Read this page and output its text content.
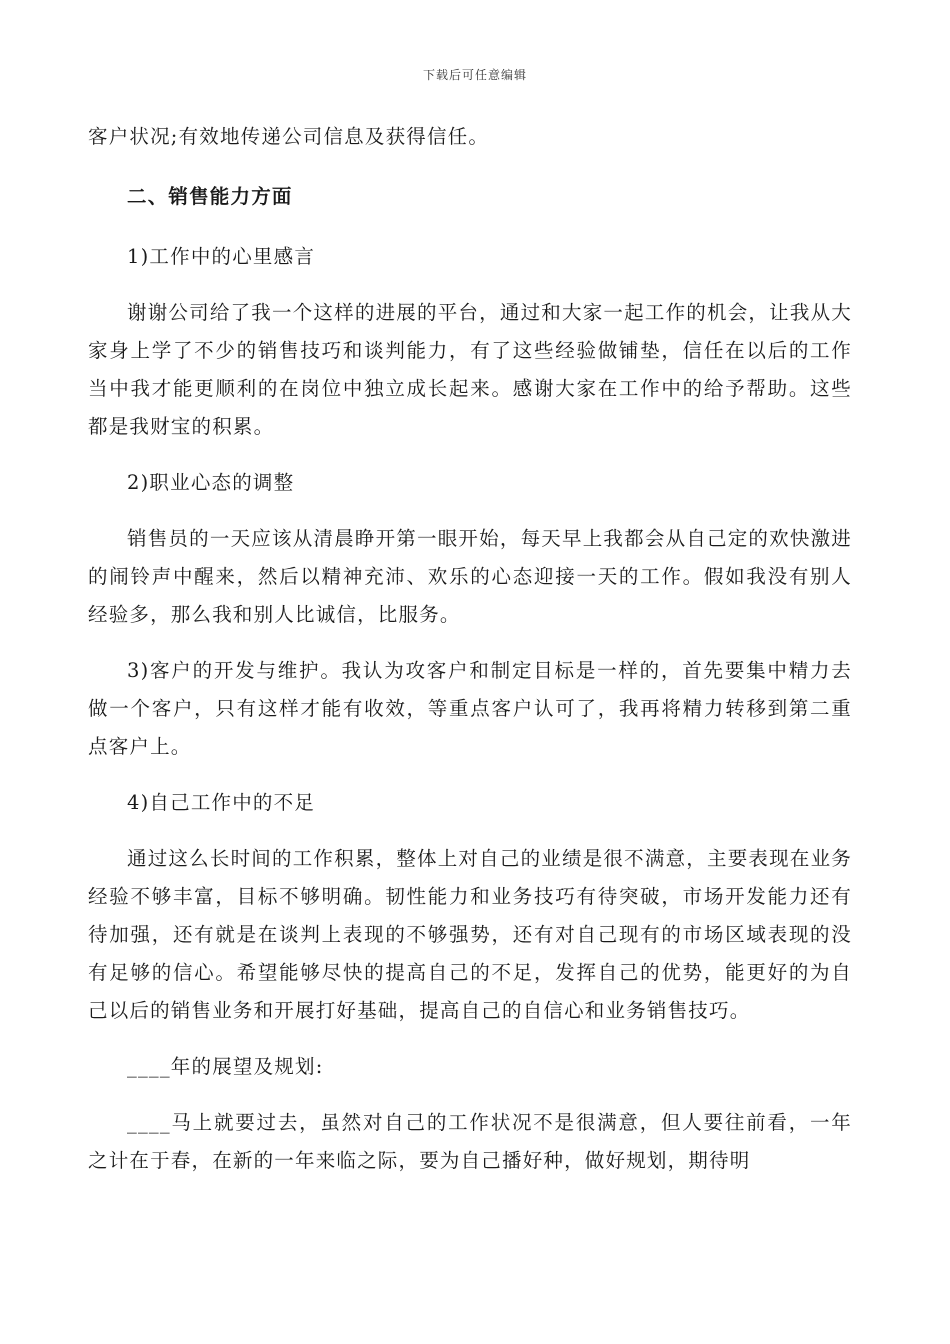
下载后可任意编辑

客户状况;有效地传递公司信息及获得信任。

二、销售能力方面

1)工作中的心里感言

谢谢公司给了我一个这样的进展的平台，通过和大家一起工作的机会，让我从大家身上学了不少的销售技巧和谈判能力，有了这些经验做铺垫，信任在以后的工作当中我才能更顺利的在岗位中独立成长起来。感谢大家在工作中的给予帮助。这些都是我财宝的积累。

2)职业心态的调整

销售员的一天应该从清晨睁开第一眼开始，每天早上我都会从自己定的欢快激进的闹铃声中醒来，然后以精神充沛、欢乐的心态迎接一天的工作。假如我没有别人经验多，那么我和别人比诚信，比服务。

3)客户的开发与维护。我认为攻客户和制定目标是一样的，首先要集中精力去做一个客户，只有这样才能有收效，等重点客户认可了，我再将精力转移到第二重点客户上。

4)自己工作中的不足

通过这么长时间的工作积累，整体上对自己的业绩是很不满意，主要表现在业务经验不够丰富，目标不够明确。韧性能力和业务技巧有待突破，市场开发能力还有待加强，还有就是在谈判上表现的不够强势，还有对自己现有的市场区域表现的没有足够的信心。希望能够尽快的提高自己的不足，发挥自己的优势，能更好的为自己以后的销售业务和开展打好基础，提高自己的自信心和业务销售技巧。

____年的展望及规划:

____马上就要过去，虽然对自己的工作状况不是很满意，但人要往前看，一年之计在于春，在新的一年来临之际，要为自己播好种，做好规划，期待明
